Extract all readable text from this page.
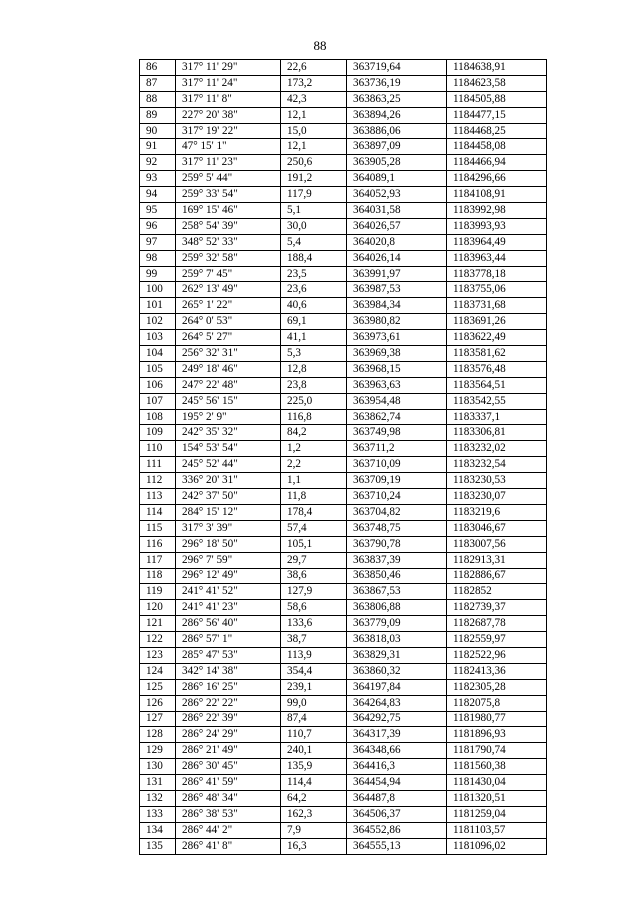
88
86	317° 11' 29"	22,6	363719,64	1184638,91
87	317° 11' 24"	173,2	363736,19	1184623,58
88	317° 11' 8"	42,3	363863,25	1184505,88
89	227° 20' 38"	12,1	363894,26	1184477,15
90	317° 19' 22"	15,0	363886,06	1184468,25
91	47° 15' 1"	12,1	363897,09	1184458,08
92	317° 11' 23"	250,6	363905,28	1184466,94
93	259° 5' 44"	191,2	364089,1	1184296,66
94	259° 33' 54"	117,9	364052,93	1184108,91
95	169° 15' 46"	5,1	364031,58	1183992,98
96	258° 54' 39"	30,0	364026,57	1183993,93
97	348° 52' 33"	5,4	364020,8	1183964,49
98	259° 32' 58"	188,4	364026,14	1183963,44
99	259° 7' 45"	23,5	363991,97	1183778,18
100	262° 13' 49"	23,6	363987,53	1183755,06
101	265° 1' 22"	40,6	363984,34	1183731,68
102	264° 0' 53"	69,1	363980,82	1183691,26
103	264° 5' 27"	41,1	363973,61	1183622,49
104	256° 32' 31"	5,3	363969,38	1183581,62
105	249° 18' 46"	12,8	363968,15	1183576,48
106	247° 22' 48"	23,8	363963,63	1183564,51
107	245° 56' 15"	225,0	363954,48	1183542,55
108	195° 2' 9"	116,8	363862,74	1183337,1
109	242° 35' 32"	84,2	363749,98	1183306,81
110	154° 53' 54"	1,2	363711,2	1183232,02
111	245° 52' 44"	2,2	363710,09	1183232,54
112	336° 20' 31"	1,1	363709,19	1183230,53
113	242° 37' 50"	11,8	363710,24	1183230,07
114	284° 15' 12"	178,4	363704,82	1183219,6
115	317° 3' 39"	57,4	363748,75	1183046,67
116	296° 18' 50"	105,1	363790,78	1183007,56
117	296° 7' 59"	29,7	363837,39	1182913,31
118	296° 12' 49"	38,6	363850,46	1182886,67
119	241° 41' 52"	127,9	363867,53	1182852
120	241° 41' 23"	58,6	363806,88	1182739,37
121	286° 56' 40"	133,6	363779,09	1182687,78
122	286° 57' 1"	38,7	363818,03	1182559,97
123	285° 47' 53"	113,9	363829,31	1182522,96
124	342° 14' 38"	354,4	363860,32	1182413,36
125	286° 16' 25"	239,1	364197,84	1182305,28
126	286° 22' 22"	99,0	364264,83	1182075,8
127	286° 22' 39"	87,4	364292,75	1181980,77
128	286° 24' 29"	110,7	364317,39	1181896,93
129	286° 21' 49"	240,1	364348,66	1181790,74
130	286° 30' 45"	135,9	364416,3	1181560,38
131	286° 41' 59"	114,4	364454,94	1181430,04
132	286° 48' 34"	64,2	364487,8	1181320,51
133	286° 38' 53"	162,3	364506,37	1181259,04
134	286° 44' 2"	7,9	364552,86	1181103,57
135	286° 41' 8"	16,3	364555,13	1181096,02
